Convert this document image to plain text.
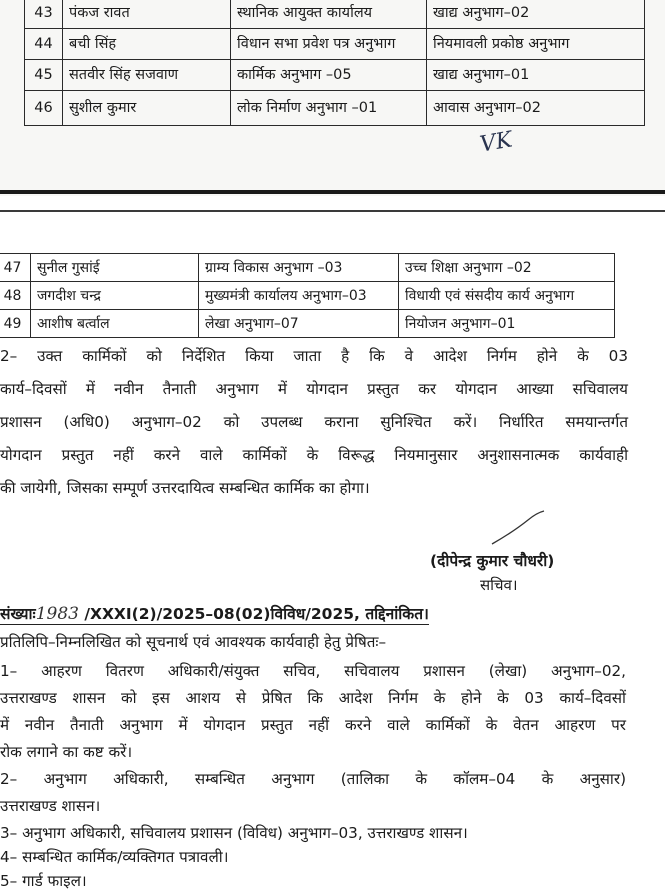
43	पंकज रावत	स्थानिक आयुक्त कार्यालय	खाद्य अनुभाग–02
44	बची सिंह	विधान सभा प्रवेश पत्र अनुभाग	नियमावली प्रकोष्ठ अनुभाग
45	सतवीर सिंह सजवाण	कार्मिक अनुभाग –05	खाद्य अनुभाग–01
46	सुशील कुमार	लोक निर्माण अनुभाग –01	आवास अनुभाग–02
VK
47	सुनील गुसांई	ग्राम्य विकास अनुभाग –03	उच्च शिक्षा अनुभाग –02
48	जगदीश चन्द्र	मुख्यमंत्री कार्यालय अनुभाग–03	विधायी एवं संसदीय कार्य अनुभाग
49	आशीष बर्त्वाल	लेखा अनुभाग–07	नियोजन अनुभाग–01
2– उक्त कार्मिकों को निर्देशित किया जाता है कि वे आदेश निर्गम होने के 03
कार्य–दिवसों में नवीन तैनाती अनुभाग में योगदान प्रस्तुत कर योगदान आख्या सचिवालय
प्रशासन (अधि0) अनुभाग–02 को उपलब्ध कराना सुनिश्चित करें। निर्धारित समयान्तर्गत
योगदान प्रस्तुत नहीं करने वाले कार्मिकों के विरूद्ध नियमानुसार अनुशासनात्मक कार्यवाही
की जायेगी, जिसका सम्पूर्ण उत्तरदायित्व सम्बन्धित कार्मिक का होगा।
(दीपेन्द्र कुमार चौधरी)
सचिव।
संख्याः1983 /XXXI(2)/2025–08(02)विविध/2025, तद्दिनांकित।
प्रतिलिपि–निम्नलिखित को सूचनार्थ एवं आवश्यक कार्यवाही हेतु प्रेषितः–
1– आहरण वितरण अधिकारी/संयुक्त सचिव, सचिवालय प्रशासन (लेखा) अनुभाग–02,
उत्तराखण्ड शासन को इस आशय से प्रेषित कि आदेश निर्गम के होने के 03 कार्य–दिवसों
में नवीन तैनाती अनुभाग में योगदान प्रस्तुत नहीं करने वाले कार्मिकों के वेतन आहरण पर
रोक लगाने का कष्ट करें।
2– अनुभाग अधिकारी, सम्बन्धित अनुभाग (तालिका के कॉलम–04 के अनुसार)
उत्तराखण्ड शासन।
3– अनुभाग अधिकारी, सचिवालय प्रशासन (विविध) अनुभाग–03, उत्तराखण्ड शासन।
4– सम्बन्धित कार्मिक/व्यक्तिगत पत्रावली।
5– गार्ड फाइल।
